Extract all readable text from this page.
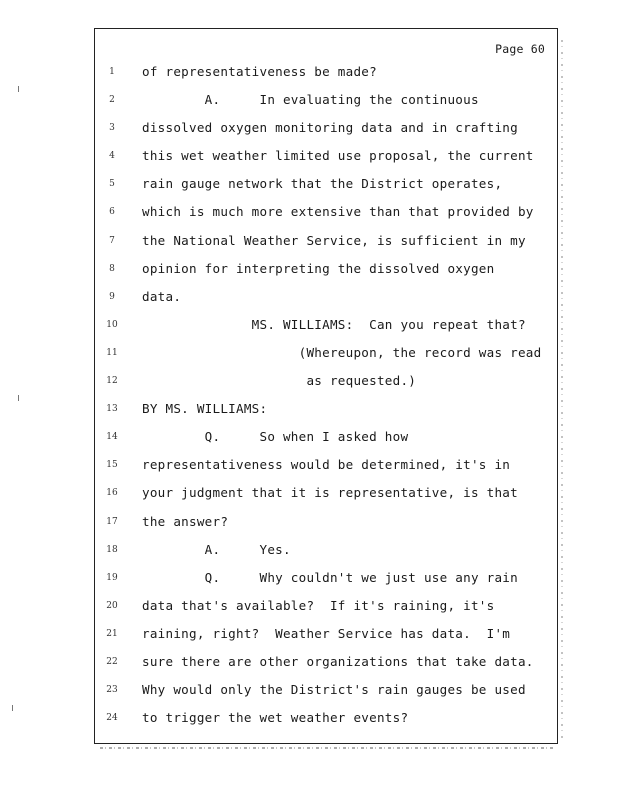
Page 60
1	of representativeness be made?
2	A.     In evaluating the continuous
3	dissolved oxygen monitoring data and in crafting
4	this wet weather limited use proposal, the current
5	rain gauge network that the District operates,
6	which is much more extensive than that provided by
7	the National Weather Service, is sufficient in my
8	opinion for interpreting the dissolved oxygen
9	data.
10	MS. WILLIAMS:  Can you repeat that?
11	(Whereupon, the record was read
12	as requested.)
13	BY MS. WILLIAMS:
14	Q.     So when I asked how
15	representativeness would be determined, it's in
16	your judgment that it is representative, is that
17	the answer?
18	A.     Yes.
19	Q.     Why couldn't we just use any rain
20	data that's available?  If it's raining, it's
21	raining, right?  Weather Service has data.  I'm
22	sure there are other organizations that take data.
23	Why would only the District's rain gauges be used
24	to trigger the wet weather events?
